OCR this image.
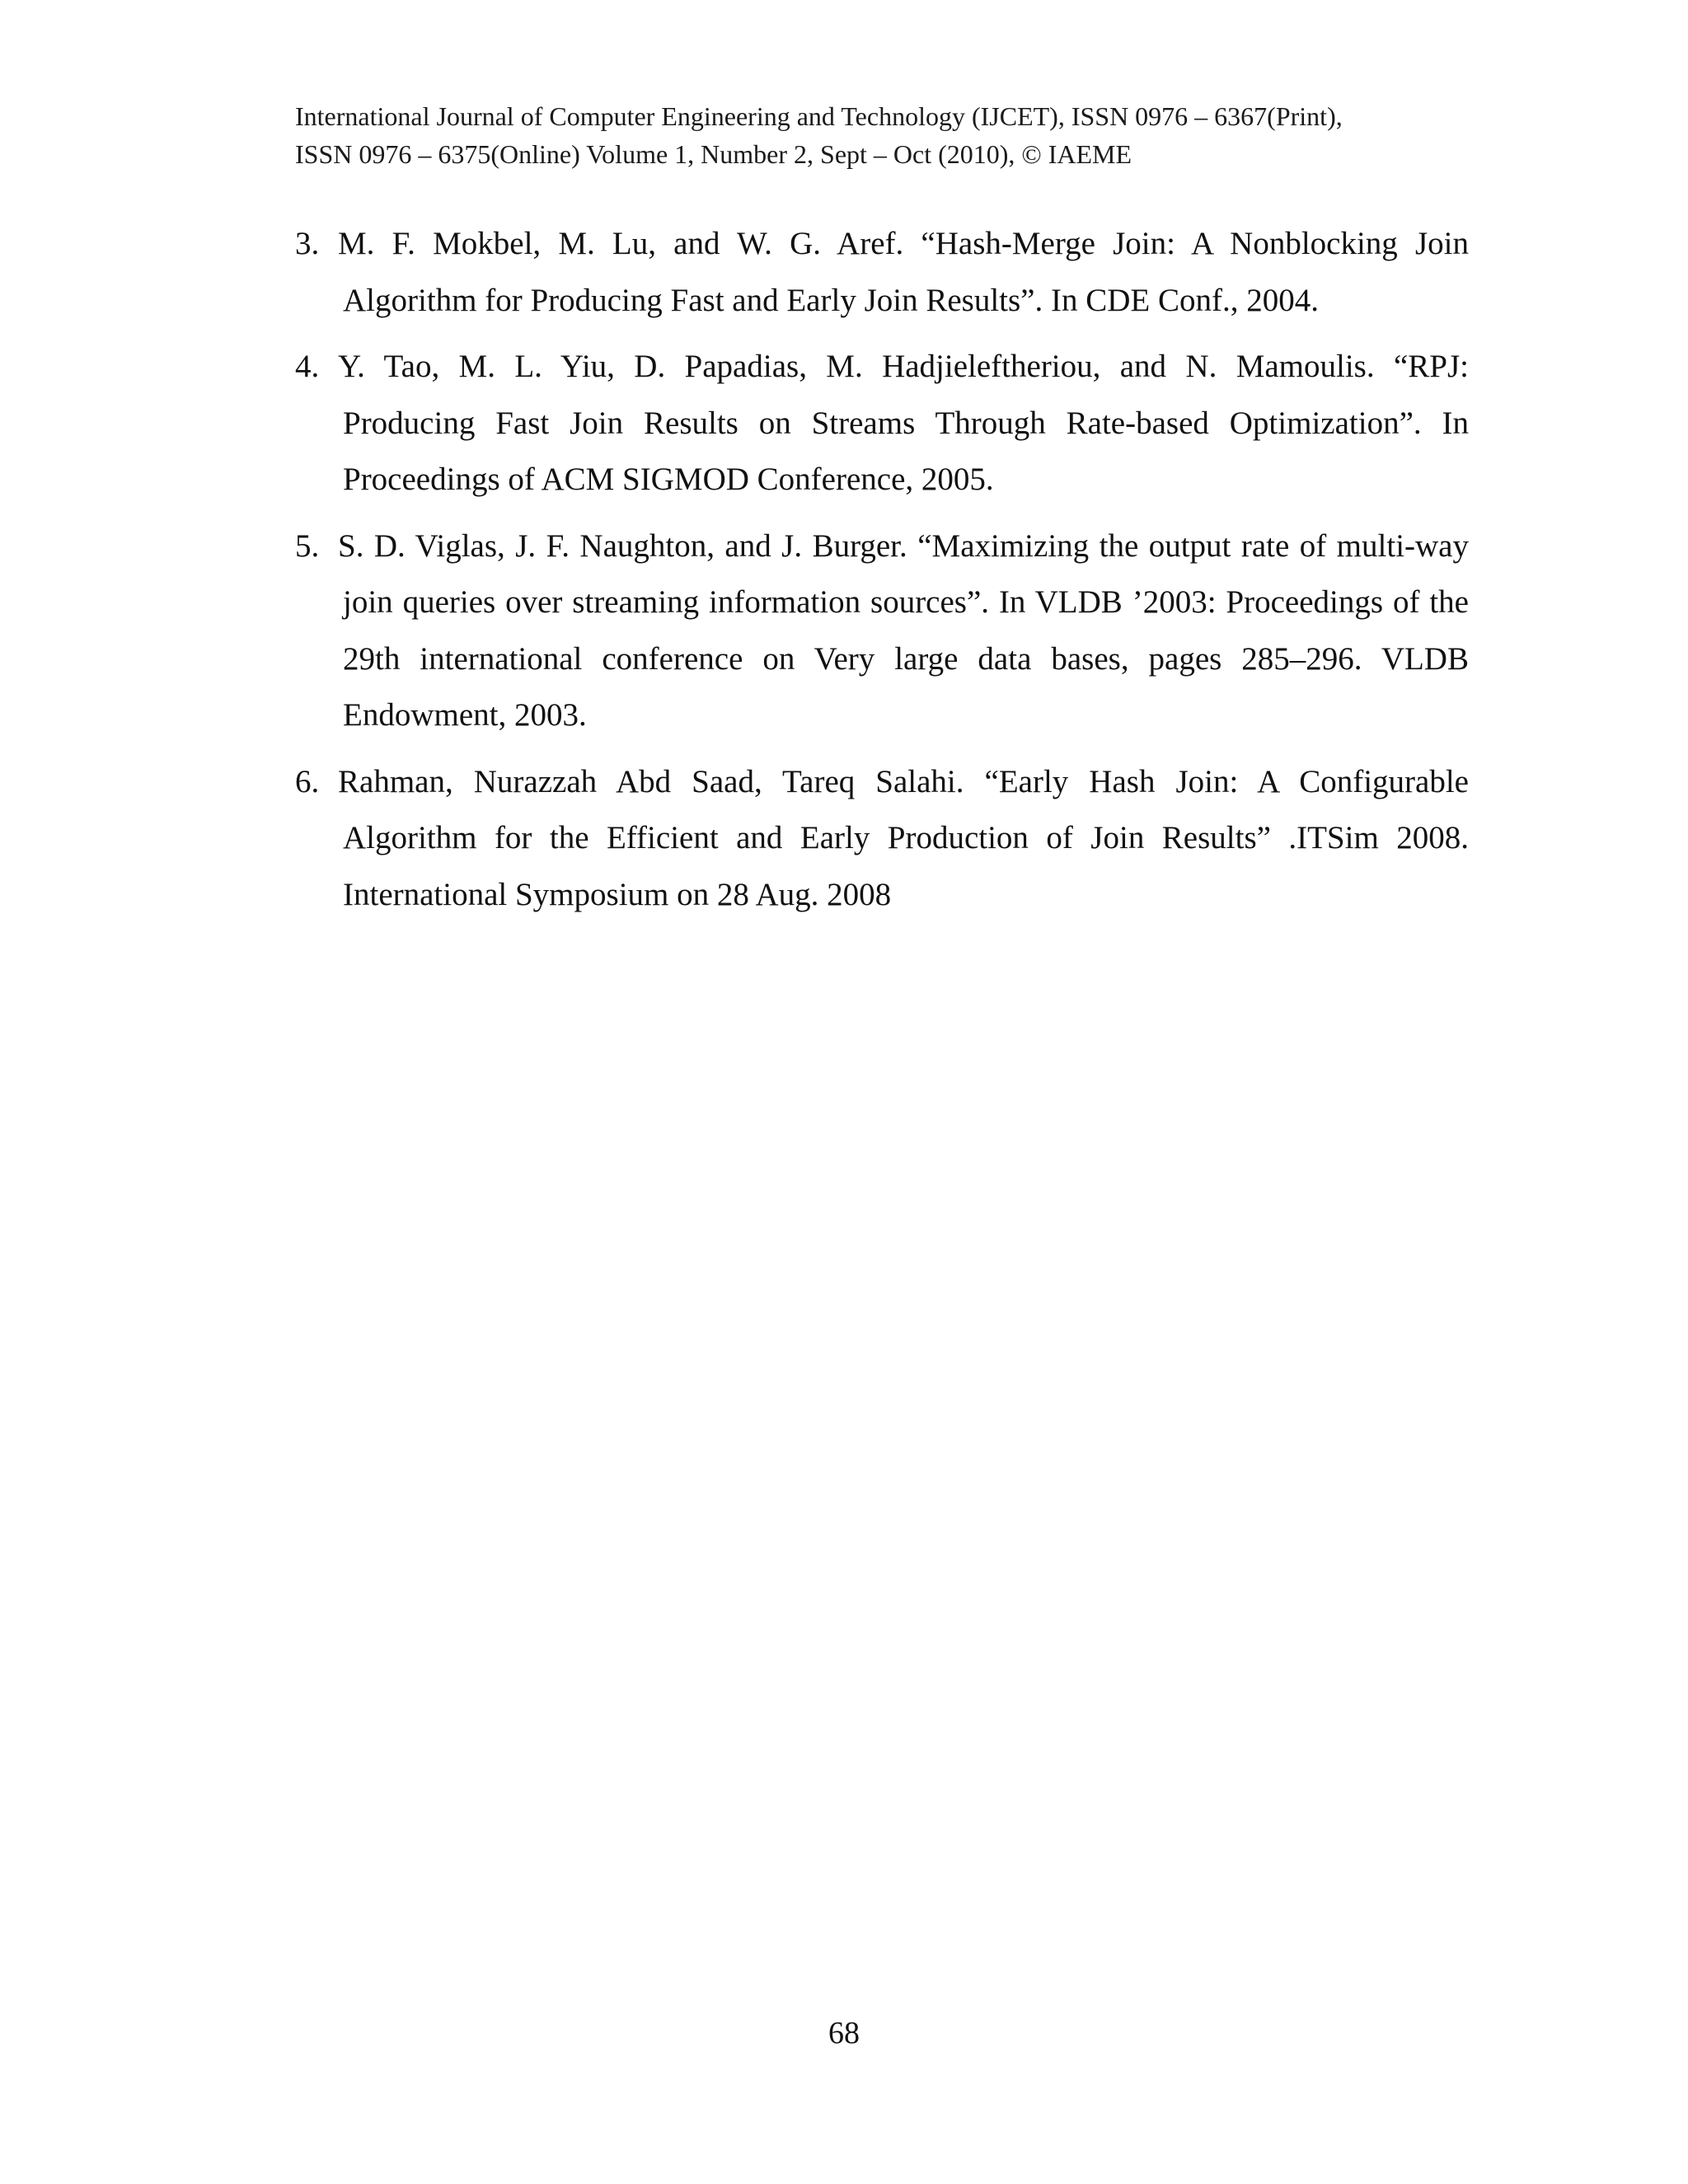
International Journal of Computer Engineering and Technology (IJCET), ISSN 0976 – 6367(Print),
ISSN 0976 – 6375(Online) Volume 1, Number 2, Sept – Oct (2010), © IAEME
3. M. F. Mokbel, M. Lu, and W. G. Aref. “Hash-Merge Join: A Nonblocking Join Algorithm for Producing Fast and Early Join Results”. In CDE Conf., 2004.
4. Y. Tao, M. L. Yiu, D. Papadias, M. Hadjieleftheriou, and N. Mamoulis. “RPJ: Producing Fast Join Results on Streams Through Rate-based Optimization”. In Proceedings of ACM SIGMOD Conference, 2005.
5. S. D. Viglas, J. F. Naughton, and J. Burger. “Maximizing the output rate of multi-way join queries over streaming information sources”. In VLDB ’2003: Proceedings of the 29th international conference on Very large data bases, pages 285–296. VLDB Endowment, 2003.
6. Rahman, Nurazzah Abd Saad, Tareq Salahi. “Early Hash Join: A Configurable Algorithm for the Efficient and Early Production of Join Results” .ITSim 2008. International Symposium on 28 Aug. 2008
68
